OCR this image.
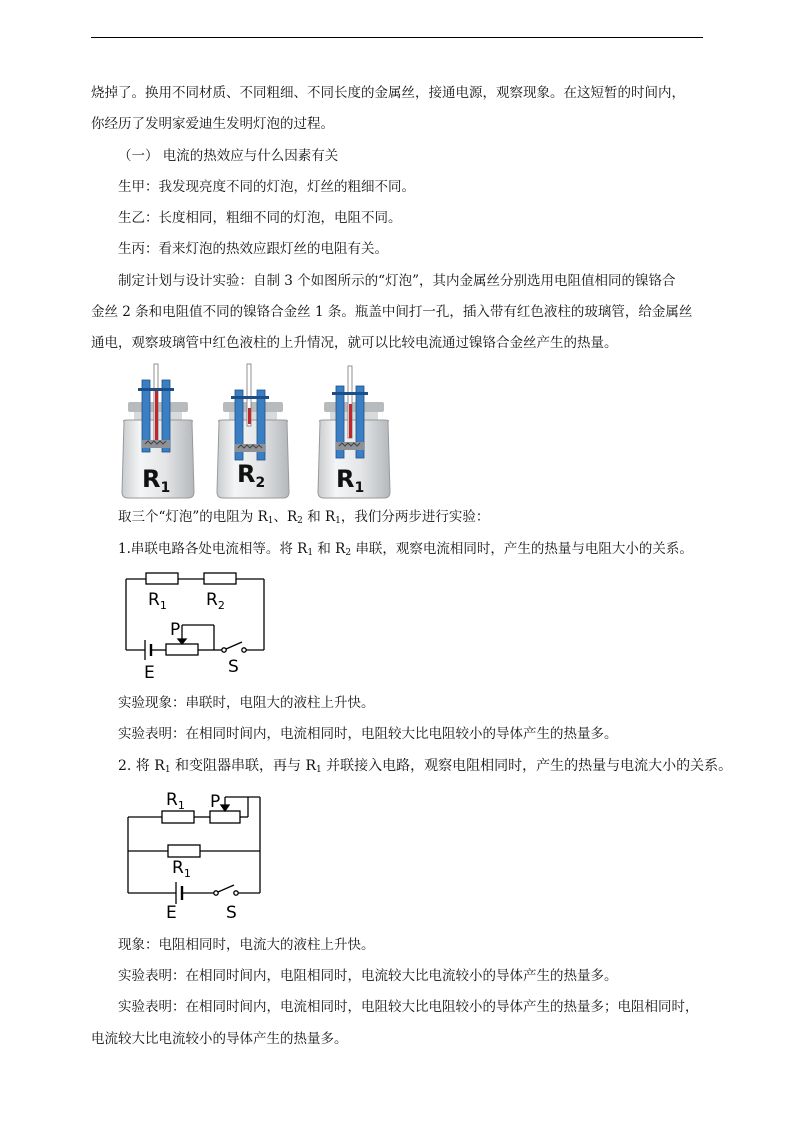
烧掉了。换用不同材质、不同粗细、不同长度的金属丝，接通电源，观察现象。在这短暂的时间内，
你经历了发明家爱迪生发明灯泡的过程。
（一） 电流的热效应与什么因素有关
生甲：我发现亮度不同的灯泡，灯丝的粗细不同。
生乙：长度相同，粗细不同的灯泡，电阻不同。
生丙：看来灯泡的热效应跟灯丝的电阻有关。
制定计划与设计实验：自制 3 个如图所示的“灯泡”，其内金属丝分别选用电阻值相同的镍铬合
金丝 2 条和电阻值不同的镍铬合金丝 1 条。瓶盖中间打一孔，插入带有红色液柱的玻璃管，给金属丝
通电，观察玻璃管中红色液柱的上升情况，就可以比较电流通过镍铬合金丝产生的热量。
$R_1$	$R_2$	$R_1$
取三个“灯泡”的电阻为 $R_1$、$R_2$ 和 $R_1$，我们分两步进行实验：
1.串联电路各处电流相等。将 $R_1$ 和 $R_2$ 串联，观察电流相同时，产生的热量与电阻大小的关系。
$R_1$ $R_2$
P
E	S
实验现象：串联时，电阻大的液柱上升快。
实验表明：在相同时间内，电流相同时，电阻较大比电阻较小的导体产生的热量多。
2. 将 $R_1$ 和变阻器串联，再与 $R_1$ 并联接入电路，观察电阻相同时，产生的热量与电流大小的关系。
$R_1$ P
$R_1$
E	S
现象：电阻相同时，电流大的液柱上升快。
实验表明：在相同时间内，电阻相同时，电流较大比电流较小的导体产生的热量多。
实验表明：在相同时间内，电流相同时，电阻较大比电阻较小的导体产生的热量多；电阻相同时，
电流较大比电流较小的导体产生的热量多。
